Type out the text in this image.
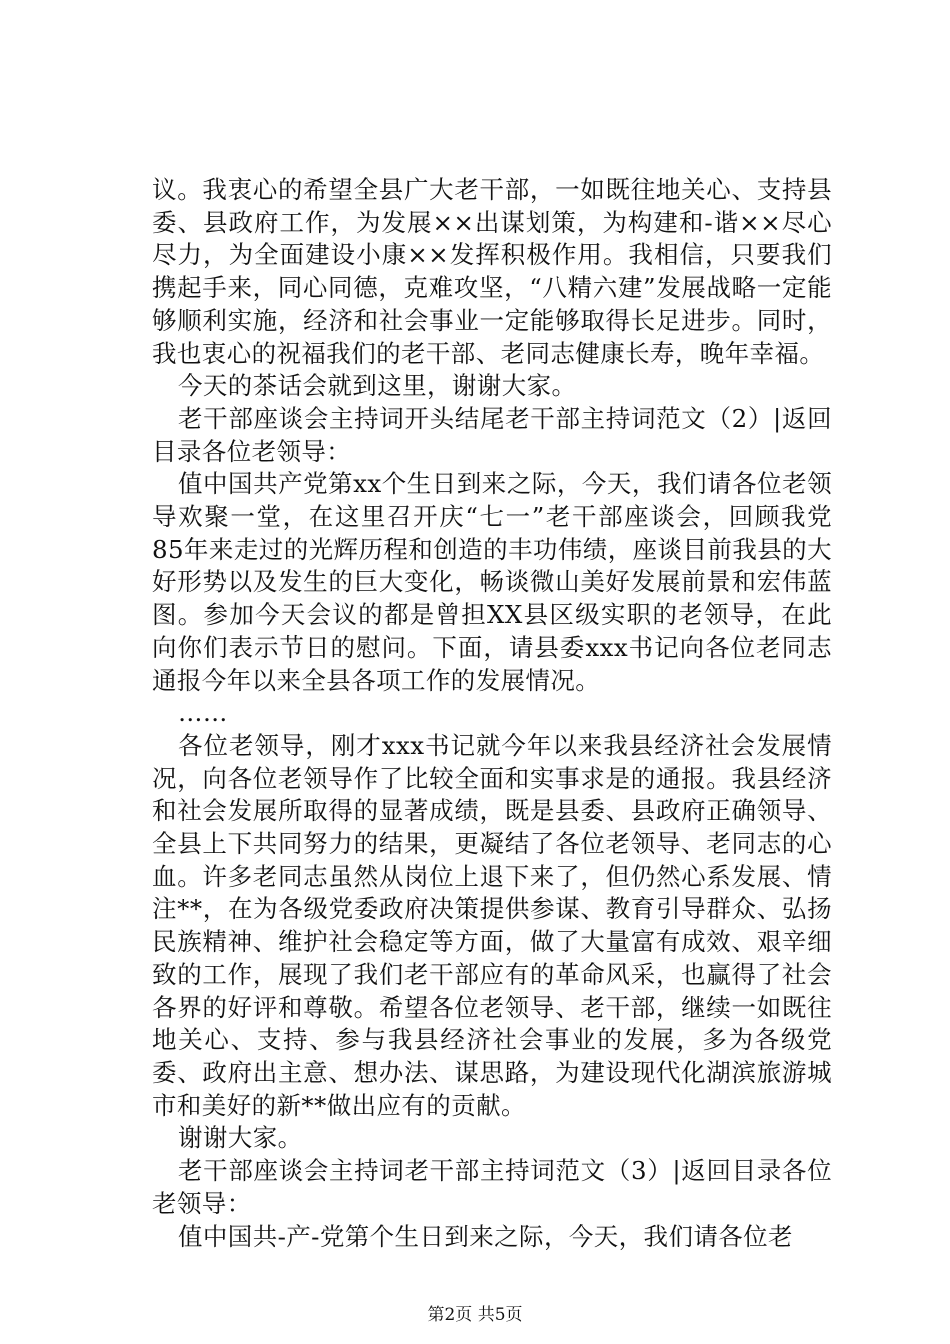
议。我衷心的希望全县广大老干部，一如既往地关心、支持县委、县政府工作，为发展××出谋划策，为构建和-谐××尽心尽力，为全面建设小康××发挥积极作用。我相信，只要我们携起手来，同心同德，克难攻坚，“八精六建”发展战略一定能够顺利实施，经济和社会事业一定能够取得长足进步。同时，我也衷心的祝福我们的老干部、老同志健康长寿，晚年幸福。

今天的茶话会就到这里，谢谢大家。

老干部座谈会主持词开头结尾老干部主持词范文（2）|返回目录各位老领导：

值中国共产党第xx个生日到来之际，今天，我们请各位老领导欢聚一堂，在这里召开庆“七一”老干部座谈会，回顾我党85年来走过的光辉历程和创造的丰功伟绩，座谈目前我县的大好形势以及发生的巨大变化，畅谈微山美好发展前景和宏伟蓝图。参加今天会议的都是曾担XX县区级实职的老领导，在此向你们表示节日的慰问。下面，请县委xxx书记向各位老同志通报今年以来全县各项工作的发展情况。

……

各位老领导，刚才xxx书记就今年以来我县经济社会发展情况，向各位老领导作了比较全面和实事求是的通报。我县经济和社会发展所取得的显著成绩，既是县委、县政府正确领导、全县上下共同努力的结果，更凝结了各位老领导、老同志的心血。许多老同志虽然从岗位上退下来了，但仍然心系发展、情注**，在为各级党委政府决策提供参谋、教育引导群众、弘扬民族精神、维护社会稳定等方面，做了大量富有成效、艰辛细致的工作，展现了我们老干部应有的革命风采，也赢得了社会各界的好评和尊敬。希望各位老领导、老干部，继续一如既往地关心、支持、参与我县经济社会事业的发展，多为各级党委、政府出主意、想办法、谋思路，为建设现代化湖滨旅游城市和美好的新**做出应有的贡献。

谢谢大家。

老干部座谈会主持词老干部主持词范文（3）|返回目录各位老领导：

值中国共-产-党第个生日到来之际，今天，我们请各位老

第2页 共5页
